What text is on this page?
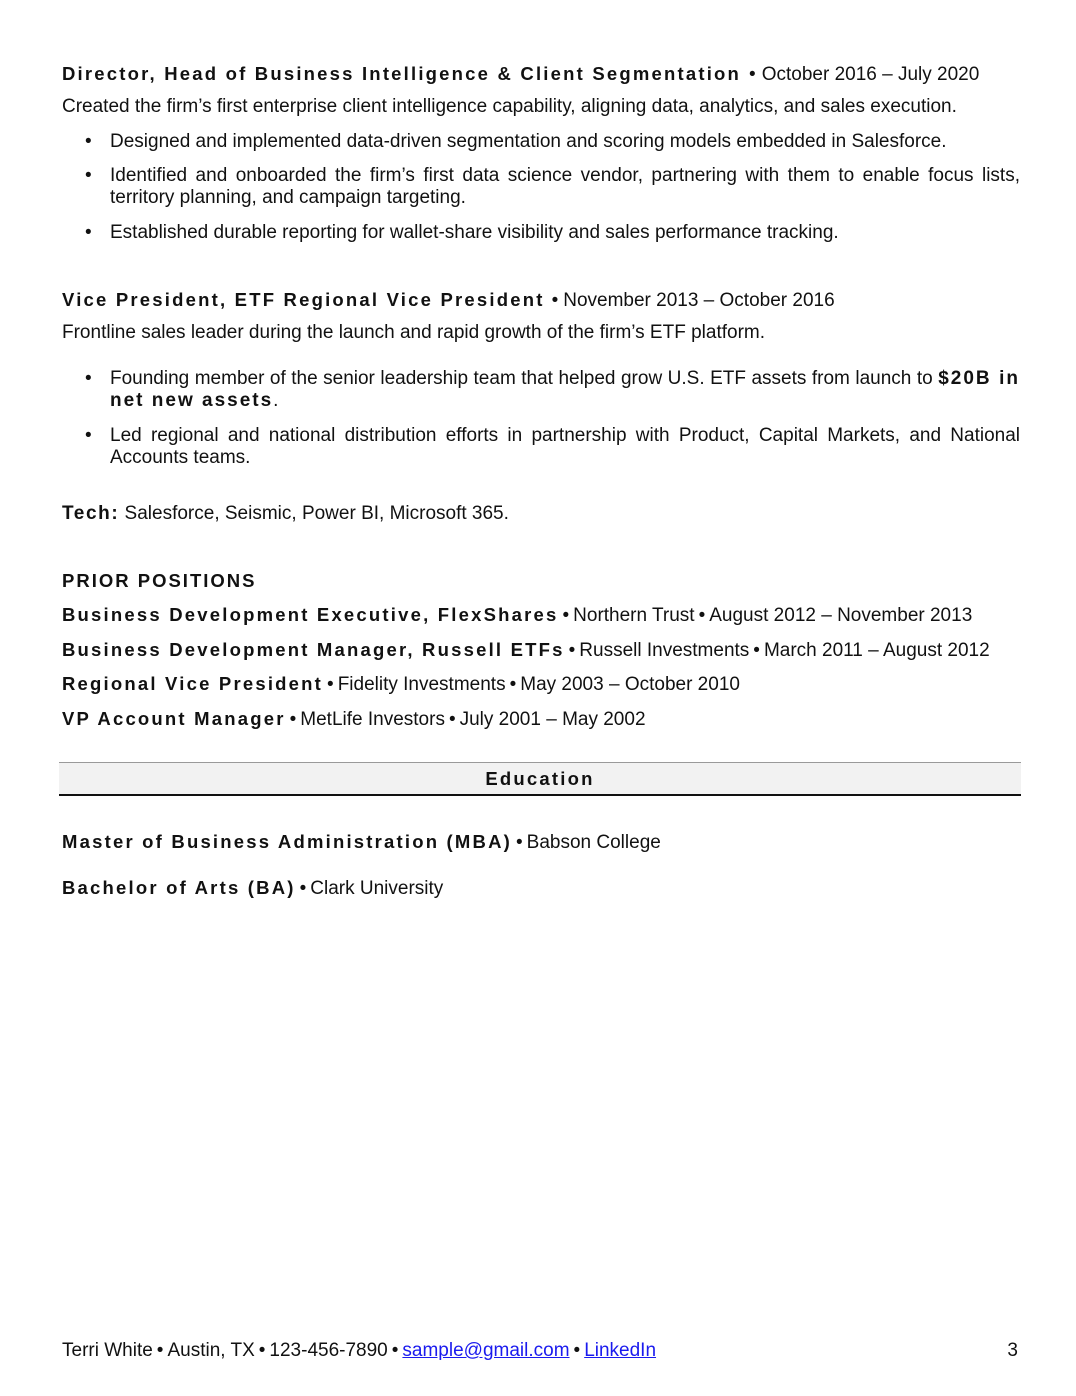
Director, Head of Business Intelligence & Client Segmentation • October 2016 – July 2020

Created the firm’s first enterprise client intelligence capability, aligning data, analytics, and sales execution.
• Designed and implemented data-driven segmentation and scoring models embedded in Salesforce.
• Identified and onboarded the firm’s first data science vendor, partnering with them to enable focus lists, territory planning, and campaign targeting.
• Established durable reporting for wallet-share visibility and sales performance tracking.
Vice President, ETF Regional Vice President • November 2013 – October 2016
Frontline sales leader during the launch and rapid growth of the firm’s ETF platform.
• Founding member of the senior leadership team that helped grow U.S. ETF assets from launch to $20B in net new assets.
• Led regional and national distribution efforts in partnership with Product, Capital Markets, and National Accounts teams.
Tech: Salesforce, Seismic, Power BI, Microsoft 365.
PRIOR POSITIONS
Business Development Executive, FlexShares • Northern Trust • August 2012 – November 2013
Business Development Manager, Russell ETFs • Russell Investments • March 2011 – August 2012
Regional Vice President • Fidelity Investments • May 2003 – October 2010
VP Account Manager • MetLife Investors • July 2001 – May 2002
Education
Master of Business Administration (MBA) • Babson College
Bachelor of Arts (BA) • Clark University
Terri White • Austin, TX • 123-456-7890 • sample@gmail.com • LinkedIn	3
